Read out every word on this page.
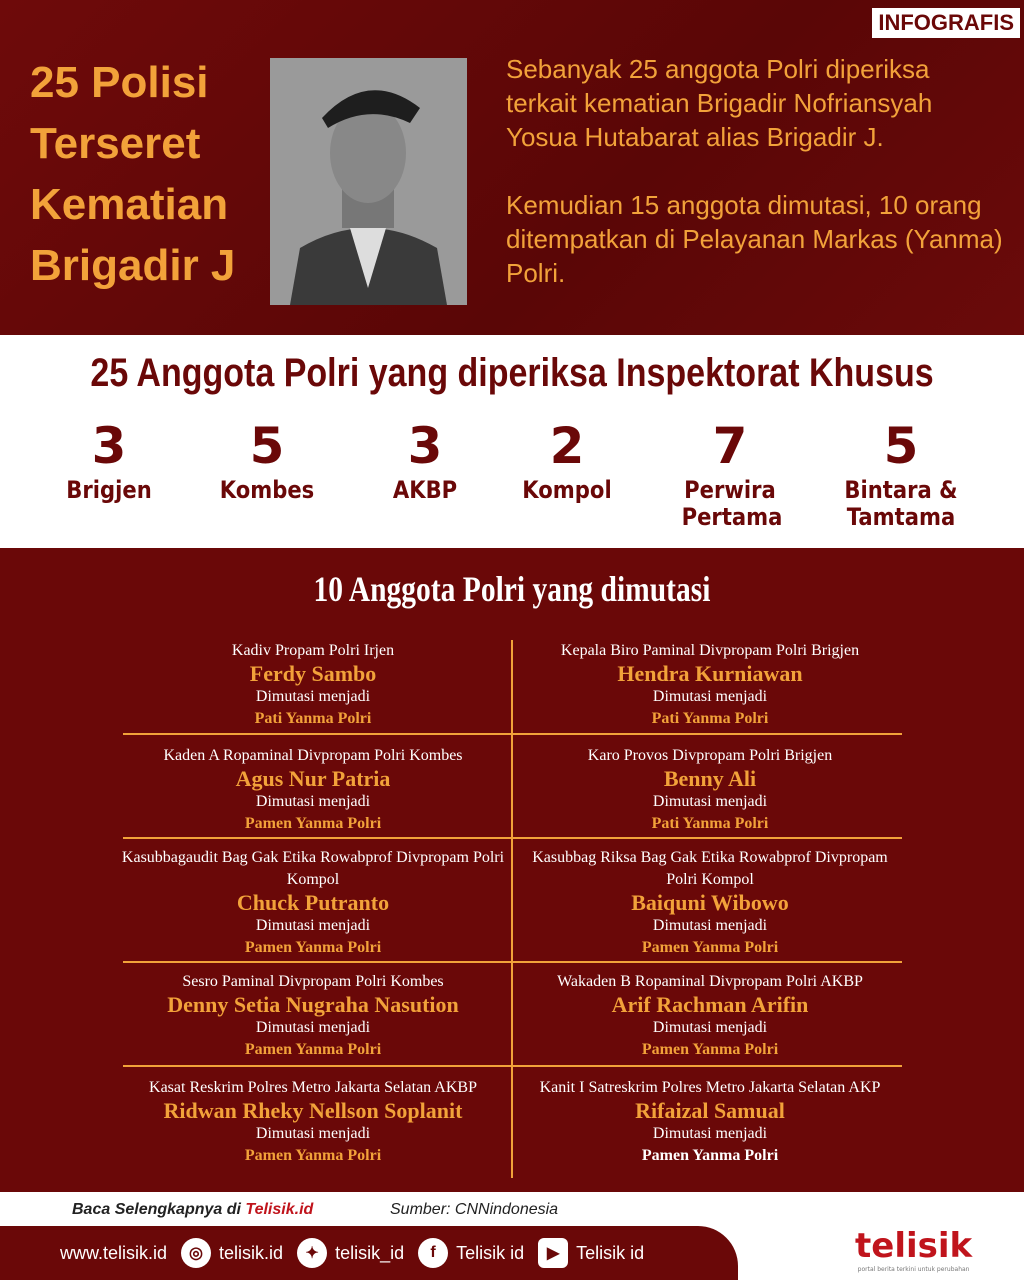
INFOGRAFIS
25 Polisi Terseret Kematian Brigadir J

Sebanyak 25 anggota Polri diperiksa terkait kematian Brigadir Nofriansyah Yosua Hutabarat alias Brigadir J.

Kemudian 15 anggota dimutasi, 10 orang ditempatkan di Pelayanan Markas (Yanma) Polri.

25 Anggota Polri yang diperiksa Inspektorat Khusus
3
Brigjen
5
Kombes
3
AKBP
2
Kompol
7
Perwira Pertama
5
Bintara & Tamtama
10 Anggota Polri yang dimutasi
Kadiv Propam Polri Irjen
Ferdy Sambo
Dimutasi menjadi
Pati Yanma Polri
Kepala Biro Paminal Divpropam Polri Brigjen
Hendra Kurniawan
Dimutasi menjadi
Pati Yanma Polri
Kaden A Ropaminal Divpropam Polri Kombes
Agus Nur Patria
Dimutasi menjadi
Pamen Yanma Polri
Karo Provos Divpropam Polri Brigjen
Benny Ali
Dimutasi menjadi
Pati Yanma Polri
Kasubbagaudit Bag Gak Etika Rowabprof Divpropam Polri Kompol
Chuck Putranto
Dimutasi menjadi
Pamen Yanma Polri
Kasubbag Riksa Bag Gak Etika Rowabprof Divpropam Polri Kompol
Baiquni Wibowo
Dimutasi menjadi
Pamen Yanma Polri
Sesro Paminal Divpropam Polri Kombes
Denny Setia Nugraha Nasution
Dimutasi menjadi
Pamen Yanma Polri
Wakaden B Ropaminal Divpropam Polri AKBP
Arif Rachman Arifin
Dimutasi menjadi
Pamen Yanma Polri
Kasat Reskrim Polres Metro Jakarta Selatan AKBP
Ridwan Rheky Nellson Soplanit
Dimutasi menjadi
Pamen Yanma Polri
Kanit I Satreskrim Polres Metro Jakarta Selatan AKP
Rifaizal Samual
Dimutasi menjadi
Pamen Yanma Polri
Baca Selengkapnya di Telisik.id	Sumber: CNNindonesia
www.telisik.id	◎ telisik.id	✦ telisik_id	f	Telisik id	▶ Telisik id	telisik
portal berita terkini untuk perubahan
